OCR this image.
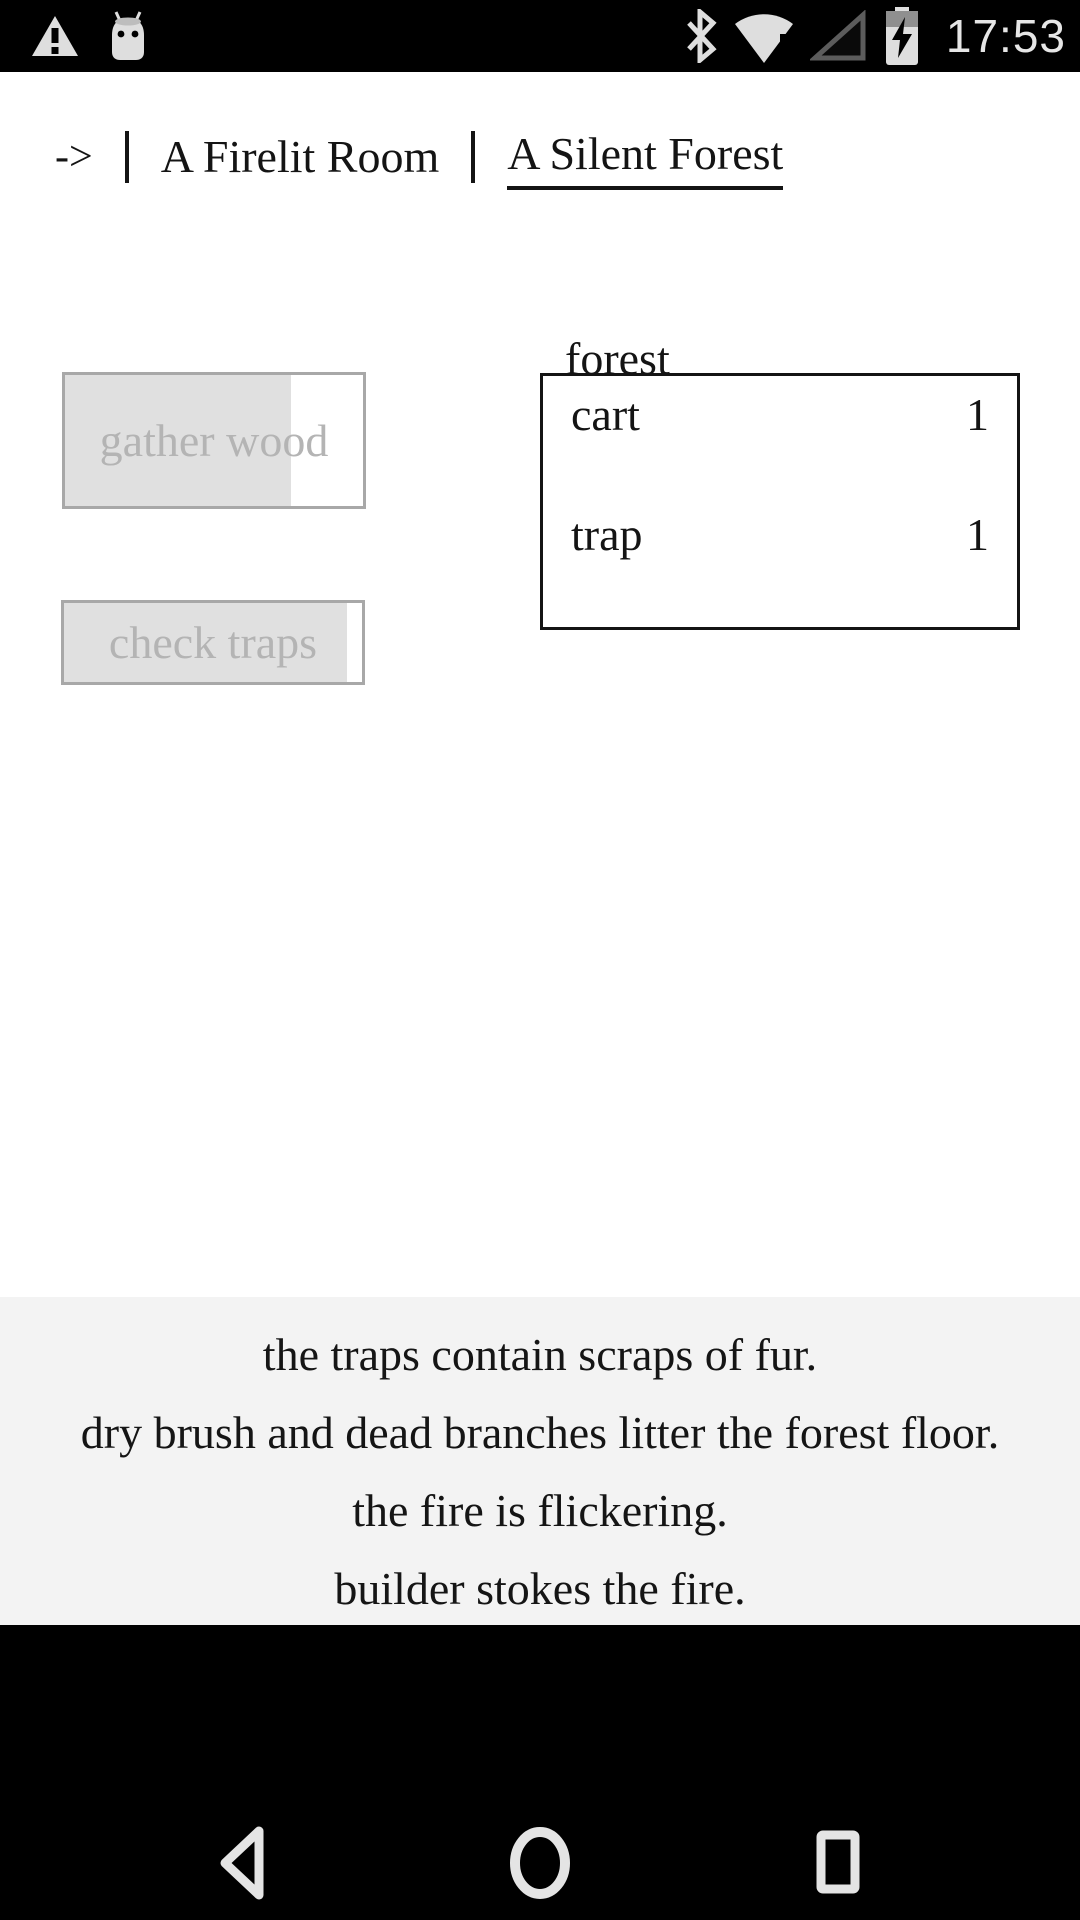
17:53
-> A Firelit Room A Silent Forest
gather wood
check traps
forest
cart	1
trap	1

the traps contain scraps of fur.

dry brush and dead branches litter the forest floor.

the fire is flickering.

builder stokes the fire.
